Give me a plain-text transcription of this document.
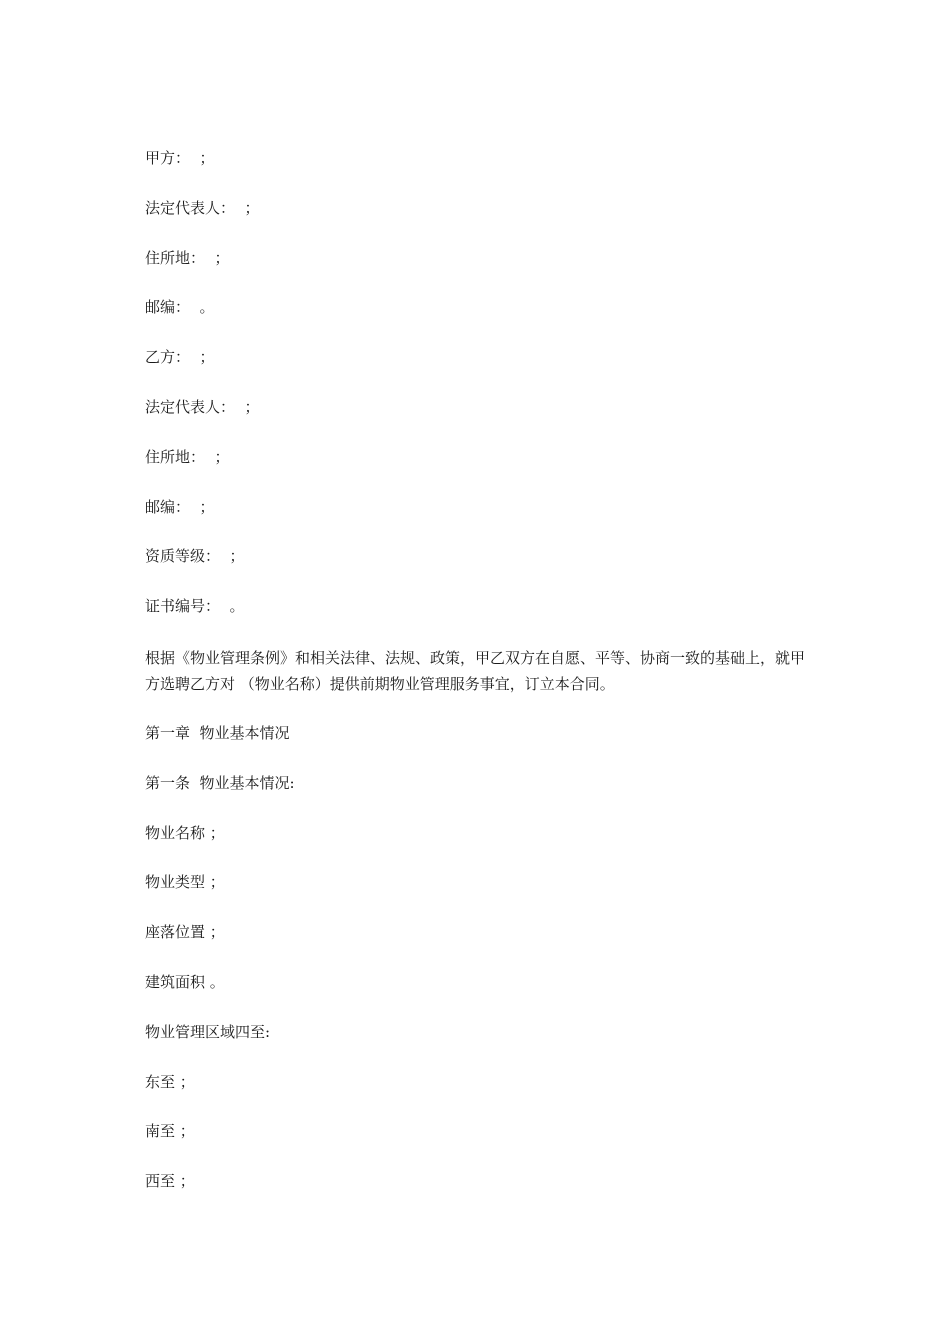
甲方：  ；

法定代表人：  ；

住所地：  ；

邮编：  。

乙方：  ；

法定代表人：  ；

住所地：  ；

邮编：  ；

资质等级：  ；

证书编号：  。

根据《物业管理条例》和相关法律、法规、政策，甲乙双方在自愿、平等、协商一致的基础上，就甲方选聘乙方对 （物业名称）提供前期物业管理服务事宜，订立本合同。

第一章  物业基本情况

第一条  物业基本情况:

物业名称 ；

物业类型 ；

座落位置 ；

建筑面积 。

物业管理区域四至:

东至 ；

南至 ；

西至 ；
